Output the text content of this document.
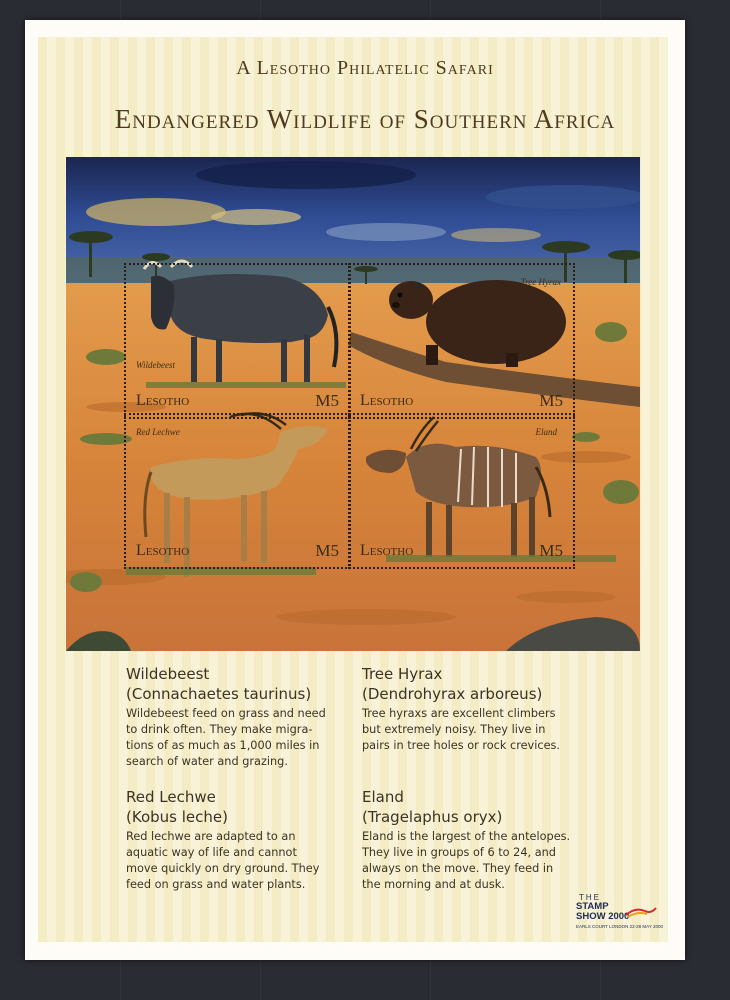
A Lesotho Philatelic Safari
Endangered Wildlife of Southern Africa
Wildebeest
Lesotho	M5
Tree Hyrax
Lesotho	M5
Red Lechwe
Lesotho	M5
Eland
Lesotho	M5
Wildebeest
(Connachaetes taurinus)
Wildebeest feed on grass and need
to drink often. They make migra-
tions of as much as 1,000 miles in
search of water and grazing.
Tree Hyrax
(Dendrohyrax arboreus)
Tree hyraxs are excellent climbers
but extremely noisy. They live in
pairs in tree holes or rock crevices.
Red Lechwe
(Kobus leche)
Red lechwe are adapted to an
aquatic way of life and cannot
move quickly on dry ground. They
feed on grass and water plants.
Eland
(Tragelaphus oryx)
Eland is the largest of the antelopes.
They live in groups of 6 to 24, and
always on the move. They feed in
the morning and at dusk.
THE
STAMP
SHOW 2000
EARLS COURT LONDON 22-28 MAY 2000
